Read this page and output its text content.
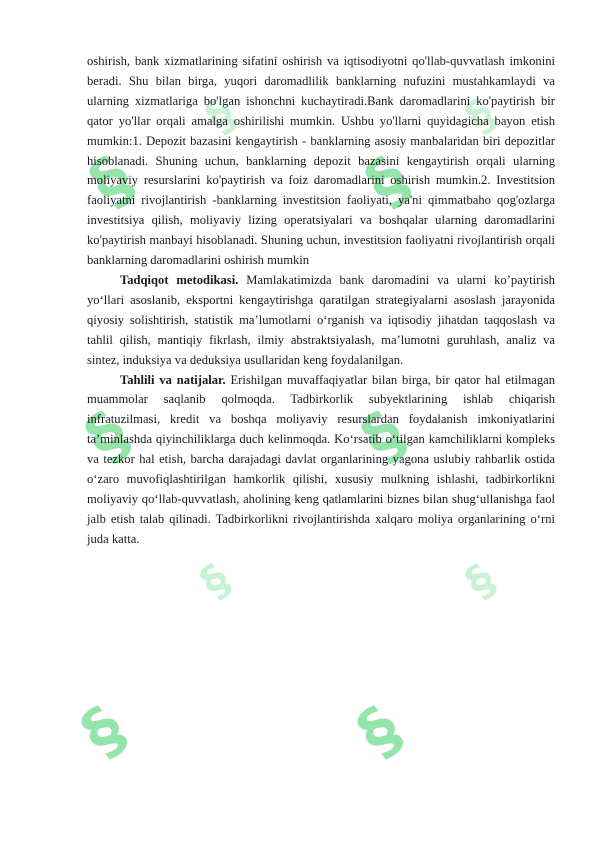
§	§
§	§
§	§
§	§
§	§

oshirish, bank xizmatlarining sifatini oshirish va iqtisodiyotni qo'llab-quvvatlash imkonini beradi. Shu bilan birga, yuqori daromadlilik banklarning nufuzini mustahkamlaydi va ularning xizmatlariga bo'lgan ishonchni kuchaytiradi.Bank daromadlarini ko'paytirish bir qator yo'llar orqali amalga oshirilishi mumkin. Ushbu yo'llarni quyidagicha bayon etish mumkin:1. Depozit bazasini kengaytirish - banklarning asosiy manbalaridan biri depozitlar hisoblanadi. Shuning uchun, banklarning depozit bazasini kengaytirish orqali ularning moliyaviy resurslarini ko'paytirish va foiz daromadlarini oshirish mumkin.2. Investitsion faoliyatni rivojlantirish -banklarning investitsion faoliyati, ya'ni qimmatbaho qog'ozlarga investitsiya qilish, moliyaviy lizing operatsiyalari va boshqalar ularning daromadlarini ko'paytirish manbayi hisoblanadi. Shuning uchun, investitsion faoliyatni rivojlantirish orqali banklarning daromadlarini oshirish mumkin

Tadqiqot metodikasi. Mamlakatimizda bank daromadini va ularni ko’paytirish yo‘llari asoslanib, eksportni kengaytirishga qaratilgan strategiyalarni asoslash jarayonida qiyosiy solishtirish, statistik ma’lumotlarni o‘rganish va iqtisodiy jihatdan taqqoslash va tahlil qilish, mantiqiy fikrlash, ilmiy abstraktsiyalash, ma’lumotni guruhlash, analiz va sintez, induksiya va deduksiya usullaridan keng foydalanilgan.

Tahlili va natijalar. Erishilgan muvaffaqiyatlar bilan birga, bir qator hal etilmagan muammolar saqlanib qolmoqda. Tadbirkorlik subyektlarining ishlab chiqarish infratuzilmasi, kredit va boshqa moliyaviy resurslardan foydalanish imkoniyatlarini ta’minlashda qiyinchiliklarga duch kelinmoqda. Ko‘rsatib o‘tilgan kamchiliklarni kompleks va tezkor hal etish, barcha darajadagi davlat organlarining yagona uslubiy rahbarlik ostida o‘zaro muvofiqlashtirilgan hamkorlik qilishi, xususiy mulkning ishlashi, tadbirkorlikni moliyaviy qo‘llab-quvvatlash, aholining keng qatlamlarini biznes bilan shug‘ullanishga faol jalb etish talab qilinadi. Tadbirkorlikni rivojlantirishda xalqaro moliya organlarining o‘rni juda katta.
